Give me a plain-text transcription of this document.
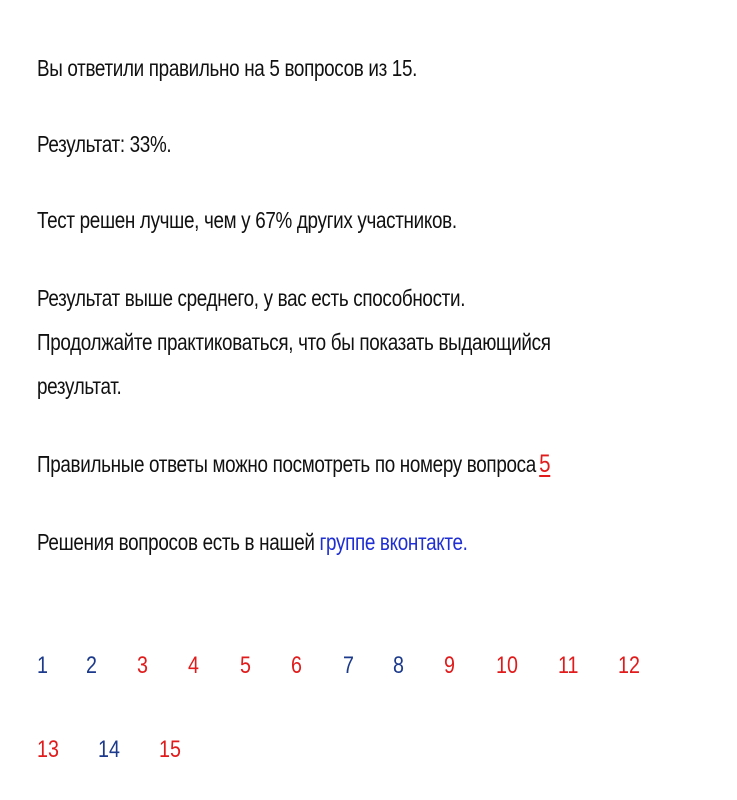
Вы ответили правильно на 5 вопросов из 15.

Результат: 33%.

Тест решен лучше, чем у 67% других участников.

Результат выше среднего, у вас есть способности.

Продолжайте практиковаться, что бы показать выдающийся

результат.

Правильные ответы можно посмотреть по номеру вопроса 5

Решения вопросов есть в нашей группе вконтакте.

1 2 3 4 5 6 7 8 9 10 11 12
13 14 15
